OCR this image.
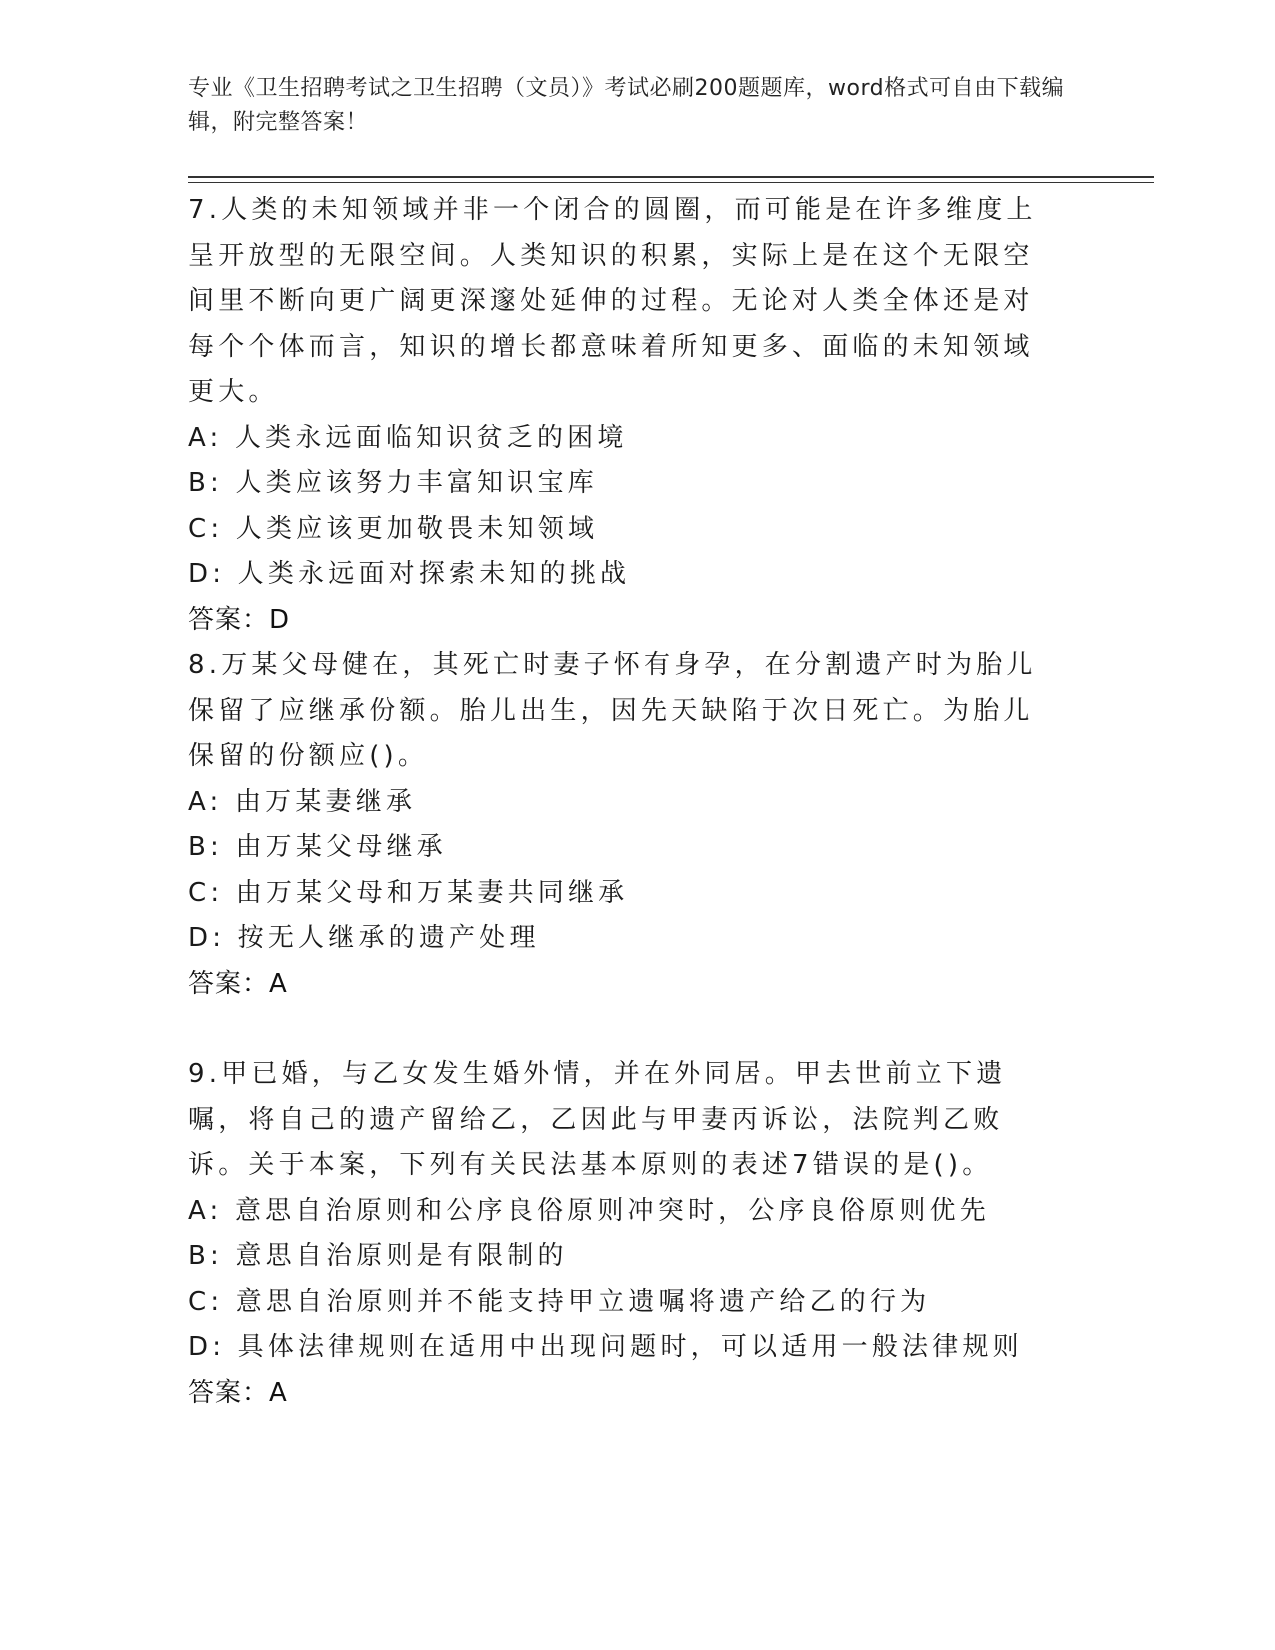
专业《卫生招聘考试之卫生招聘（文员）》考试必刷200题题库，word格式可自由下载编辑，附完整答案！

7.人类的未知领域并非一个闭合的圆圈，而可能是在许多维度上呈开放型的无限空间。人类知识的积累，实际上是在这个无限空间里不断向更广阔更深邃处延伸的过程。无论对人类全体还是对每个个体而言，知识的增长都意味着所知更多、面临的未知领域更大。

A: 人类永远面临知识贫乏的困境

B: 人类应该努力丰富知识宝库

C: 人类应该更加敬畏未知领域

D: 人类永远面对探索未知的挑战

答案：D

8.万某父母健在，其死亡时妻子怀有身孕，在分割遗产时为胎儿保留了应继承份额。胎儿出生，因先天缺陷于次日死亡。为胎儿保留的份额应()。

A: 由万某妻继承

B: 由万某父母继承

C: 由万某父母和万某妻共同继承

D: 按无人继承的遗产处理

答案：A

9.甲已婚，与乙女发生婚外情，并在外同居。甲去世前立下遗嘱，将自己的遗产留给乙，乙因此与甲妻丙诉讼，法院判乙败诉。关于本案，下列有关民法基本原则的表述7错误的是()。

A: 意思自治原则和公序良俗原则冲突时，公序良俗原则优先

B: 意思自治原则是有限制的

C: 意思自治原则并不能支持甲立遗嘱将遗产给乙的行为

D: 具体法律规则在适用中出现问题时，可以适用一般法律规则

答案：A
